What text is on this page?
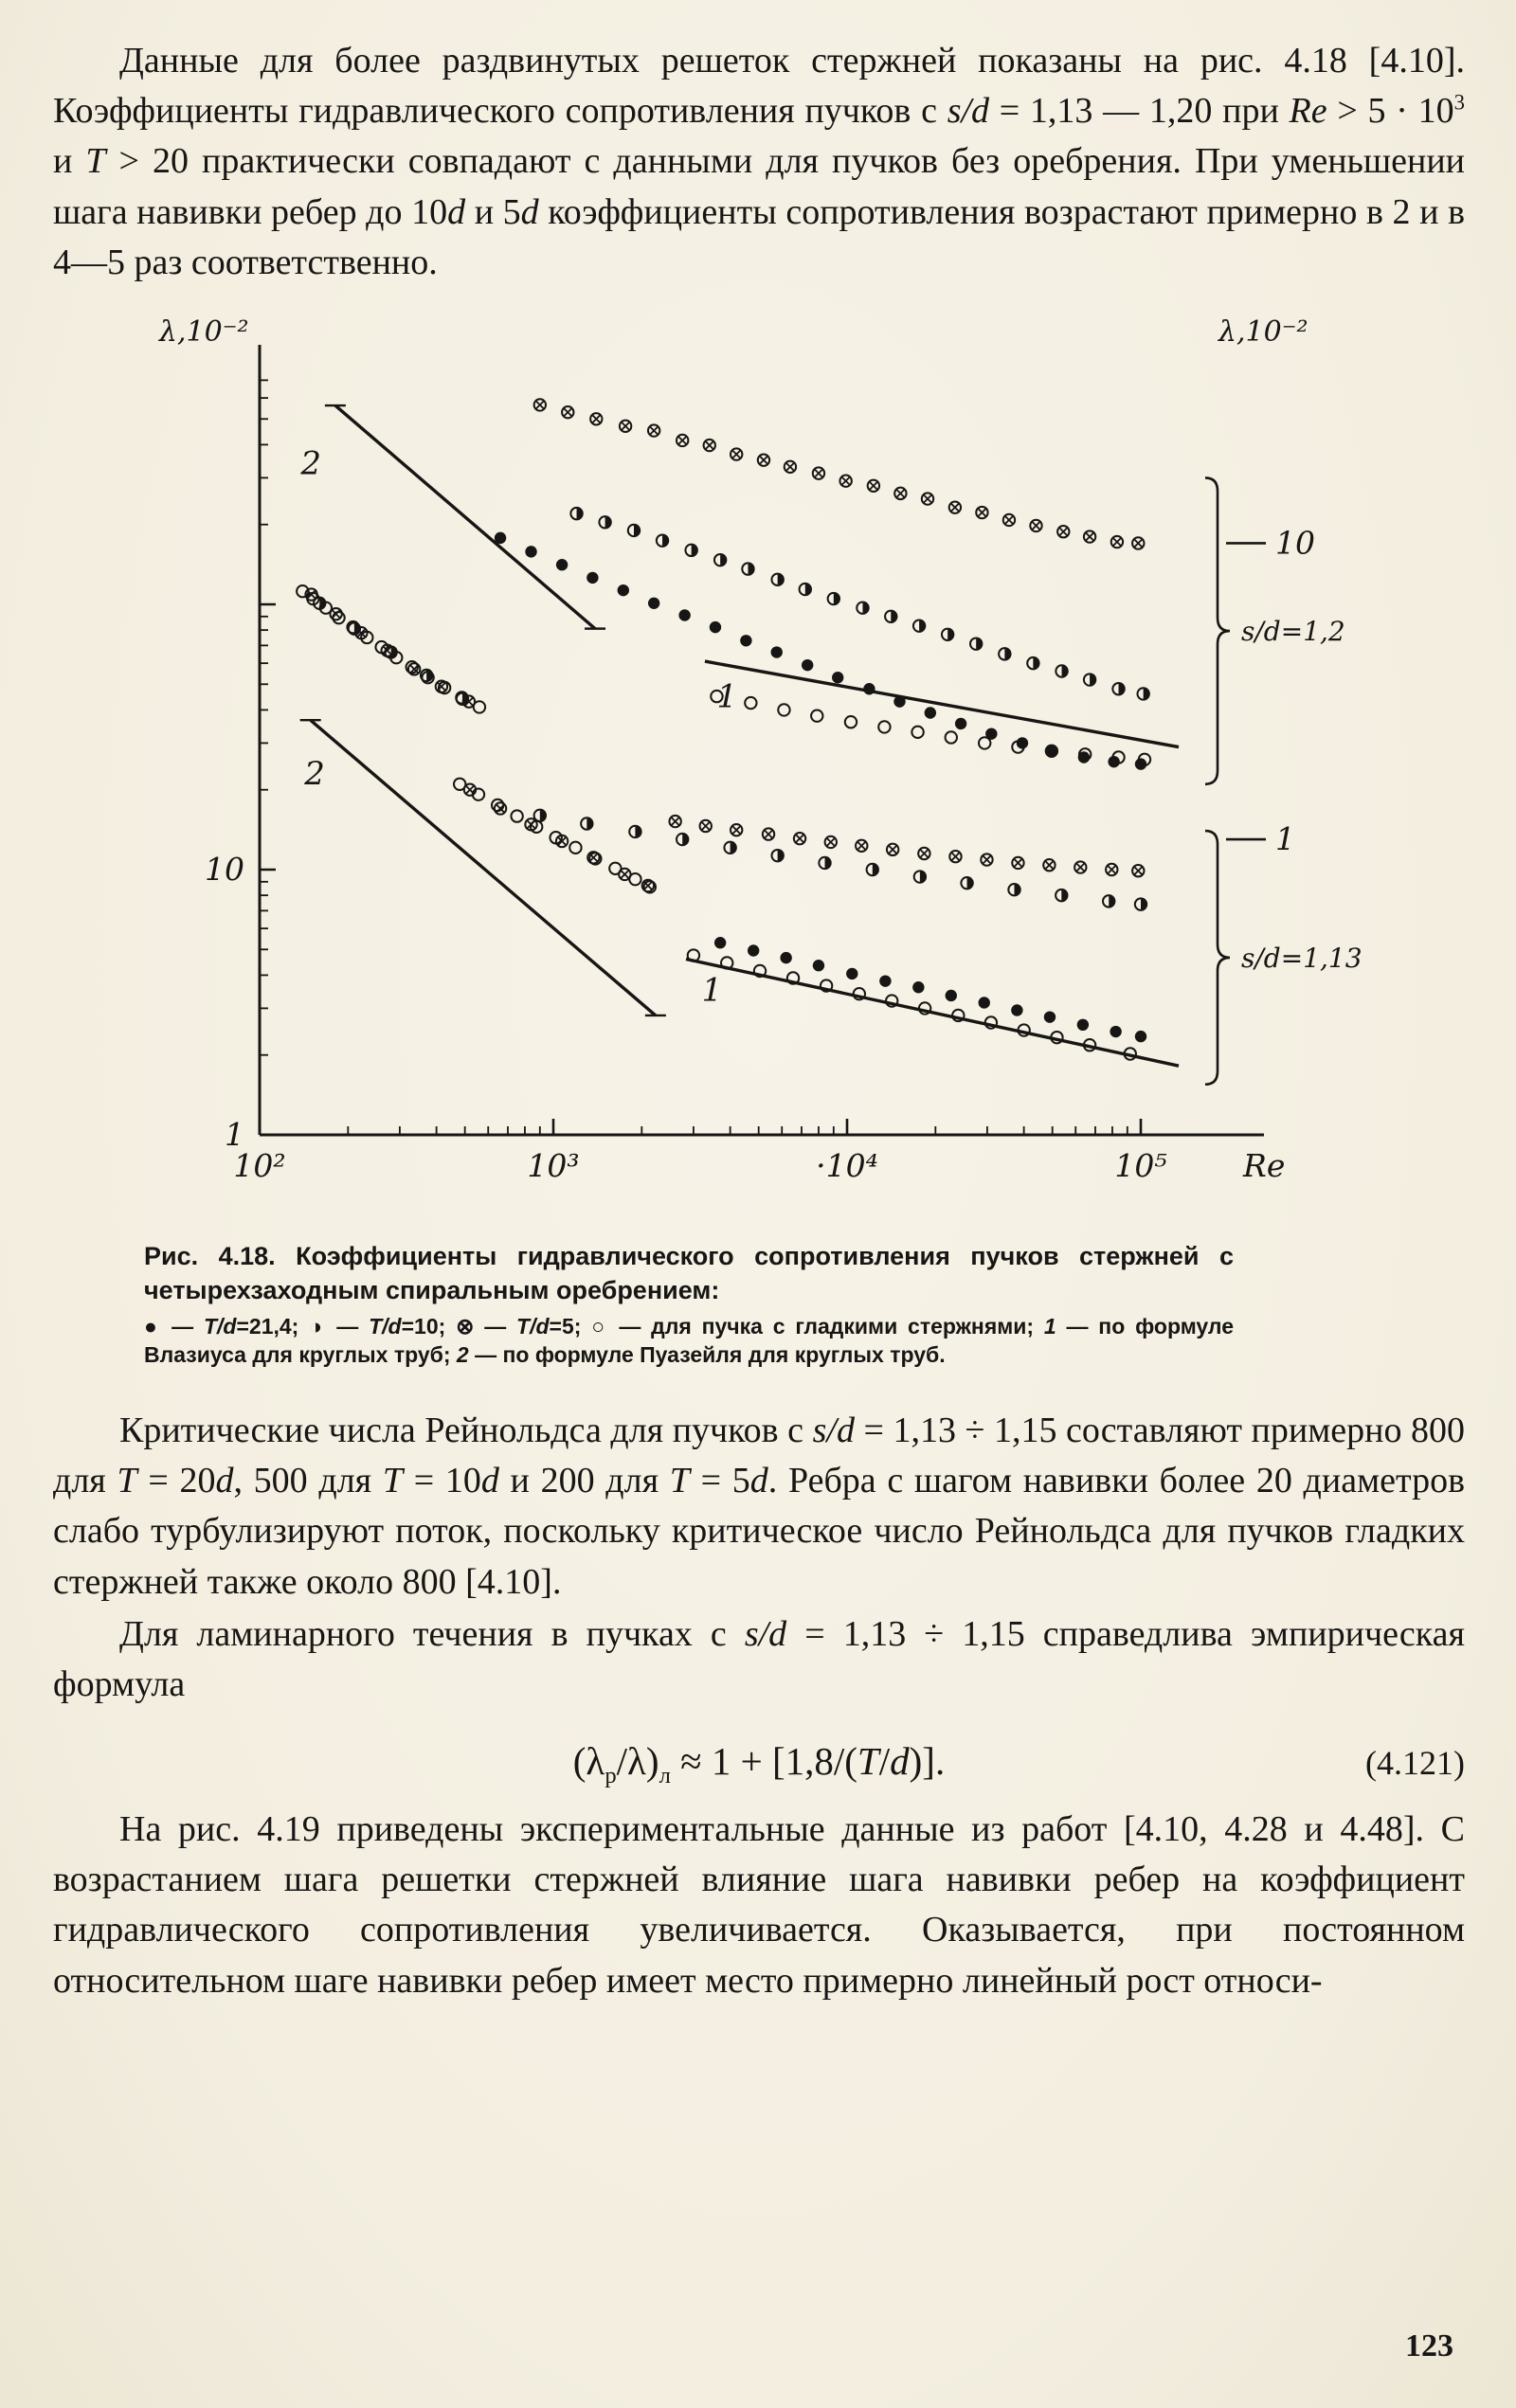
Данные для более раздвинутых решеток стержней показаны на рис. 4.18 [4.10]. Коэффициенты гидравлического сопротивления пучков с s/d = 1,13 — 1,20 при $Re > 5 \cdot 10^3$ и T > 20 практически совпадают с данными для пучков без оребрения. При уменьшении шага навивки ребер до 10d и 5d коэффициенты сопротивления возрастают примерно в 2 и в 4—5 раз соответственно.

10²	10³	·10⁴	10⁵ Re
10
1
λ,10⁻²	λ,10⁻²
10
1
s/d=1,2
s/d=1,13
2
2
1
1
Рис. 4.18. Коэффициенты гидравлического сопротивления пучков стержней с четырехзаходным спиральным оребрением:
● — T/d=21,4; ◑ — T/d=10; ⊗ — T/d=5; ○ — для пучка с гладкими стержнями; 1 — по формуле Влазиуса для круглых труб; 2 — по формуле Пуазейля для круглых труб.

Критические числа Рейнольдса для пучков с s/d = 1,13 ÷ 1,15 составляют примерно 800 для T = 20d, 500 для T = 10d и 200 для T = 5d. Ребра с шагом навивки более 20 диаметров слабо турбулизируют поток, поскольку критическое число Рейнольдса для пучков гладких стержней также около 800 [4.10].

Для ламинарного течения в пучках с s/d = 1,13 ÷ 1,15 справедлива эмпирическая формула

$(\lambda_р/\lambda)_л \approx 1 + [1,8/(T/d)]$.	(4.121)

На рис. 4.19 приведены экспериментальные данные из работ [4.10, 4.28 и 4.48]. С возрастанием шага решетки стержней влияние шага навивки ребер на коэффициент гидравлического сопротивления увеличивается. Оказывается, при постоянном относительном шаге навивки ребер имеет место примерно линейный рост относи-

123
